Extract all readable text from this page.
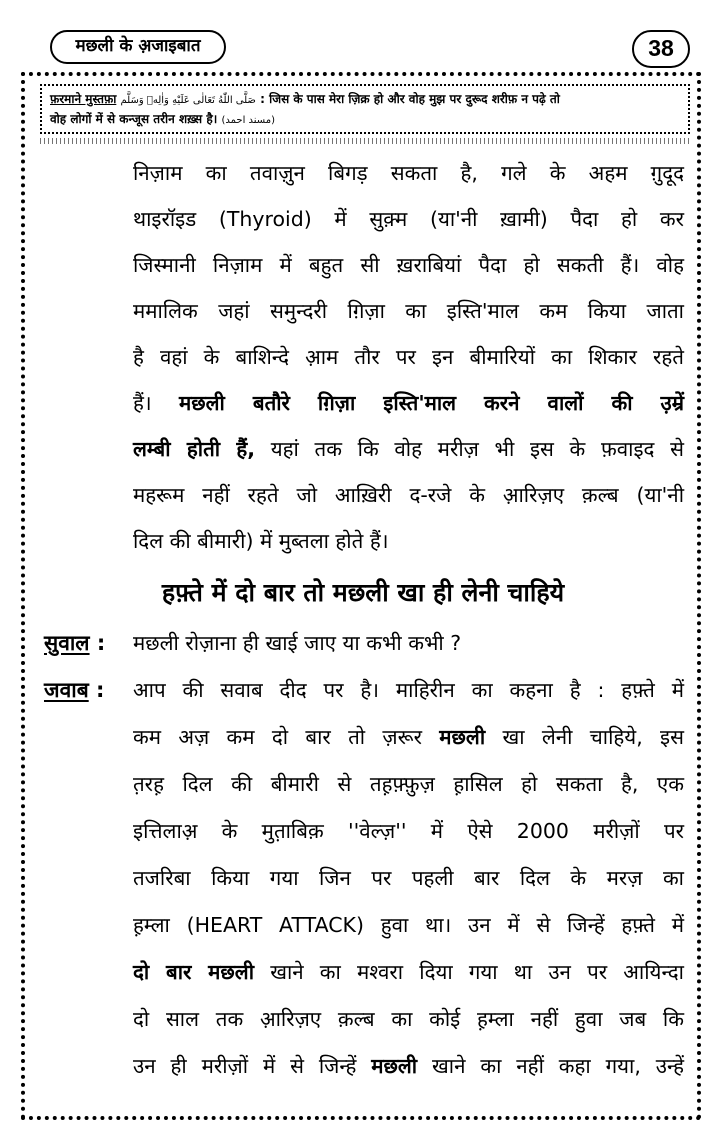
मछली के अ़जाइबात	38
फ़रमाने मुस्तफ़ा صَلَّى اللّٰهُ تَعَالٰى عَلَيْهِ وَاٰلِهٖ وَسَلَّم : जिस के पास मेरा ज़िक्र हो और वोह मुझ पर दुरूद शरीफ़ न पढ़े तो
वोह लोगों में से कन्जूस तरीन शख़्स है। (مسند احمد)
निज़ाम का तवाज़ुन बिगड़ सकता है, गले के अहम ग़ुदूद
थाइरॉइड (Thyroid) में सुक़्म (या'नी ख़ामी) पैदा हो कर
जिस्मानी निज़ाम में बहुत सी ख़राबियां पैदा हो सकती हैं। वोह
ममालिक जहां समुन्दरी ग़िज़ा का इस्ति'माल कम किया जाता
है वहां के बाशिन्दे आ़म तौर पर इन बीमारियों का शिकार रहते
हैं। मछली बतौरे ग़िज़ा इस्ति'माल करने वालों की उ़म्रें
लम्बी होती हैं, यहां तक कि वोह मरीज़ भी इस के फ़वाइद से
महरूम नहीं रहते जो आख़िरी द-रजे के आ़रिज़ए क़ल्ब (या'नी
दिल की बीमारी) में मुब्तला होते हैं।
हफ़्ते में दो बार तो मछली खा ही लेनी चाहिये
सुवाल : मछली रोज़ाना ही खाई जाए या कभी कभी ?
जवाब : आप की सवाब दीद पर है। माहिरीन का कहना है : हफ़्ते में
कम अज़ कम दो बार तो ज़रूर मछली खा लेनी चाहिये, इस
त़रह़ दिल की बीमारी से तह़फ़्फ़ुज़ ह़ासिल हो सकता है, एक
इत्तिलाअ़ के मुत़ाबिक़ ''वेल्ज़'' में ऐसे 2000 मरीज़ों पर
तजरिबा किया गया जिन पर पहली बार दिल के मरज़ का
ह़म्ला (HEART ATTACK) हुवा था। उन में से जिन्हें हफ़्ते में
दो बार मछली खाने का मश्वरा दिया गया था उन पर आयिन्दा
दो साल तक आ़रिज़ए क़ल्ब का कोई ह़म्ला नहीं हुवा जब कि
उन ही मरीज़ों में से जिन्हें मछली खाने का नहीं कहा गया, उन्हें
